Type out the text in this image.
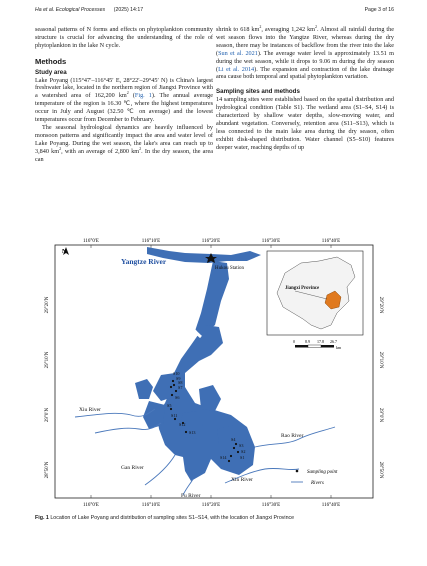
Ha et al. Ecological Processes (2025) 14:17	Page 3 of 16

seasonal patterns of N forms and effects on phytoplankton community structure is crucial for advancing the understanding of the role of phytoplankton in the lake N cycle.

Methods
Study area

Lake Poyang (115°47′–116°45′ E, 28°22′–29°45′ N) is China's largest freshwater lake, located in the northern region of Jiangxi Province with a watershed area of 162,200 $km^2$ (Fig. 1). The annual average temperature of the region is 16.30 ℃, where the highest temperatures occur in July and August (32.50 ℃ on average) and the lowest temperatures occur from December to February.

The seasonal hydrological dynamics are heavily influenced by monsoon patterns and significantly impact the area and water level of Lake Poyang. During the wet season, the lake's area can reach up to 3,840 $km^2$, with an average of 2,800 $km^2$. In the dry season, the area can

shrink to 618 $km^2$, averaging 1,242 $km^2$. Almost all rainfall during the wet season flows into the Yangtze River, whereas during the dry season, there may be instances of backflow from the river into the lake (Sun et al. 2021). The average water level is approximately 13.51 m during the wet season, while it drops to 9.06 m during the dry season (Li et al. 2014). The expansion and contraction of the lake drainage area cause both temporal and spatial phytoplankton variation.

Sampling sites and methods

14 sampling sites were established based on the spatial distribution and hydrological condition (Table S1). The wetland area (S1–S4, S14) is characterized by shallow water depths, slow-moving water, and abundant vegetation. Conversely, retention area (S11–S13), which is less connected to the main lake area during the dry season, often exhibit disk-shaped distribution. Water channel (S5–S10) features deeper water, reaching depths of up

116°0′E	116°10′E	116°20′E	116°30′E	116°40′E
116°0′E	116°10′E	116°20′E	116°30′E	116°40′E
29°20′N
29°10′N
29°0′N
28°50′N
29°20′N
29°10′N
29°0′N
28°50′N
N
Hukou Station
Yangtze River
Xiu River
Gan River
Fu River
Xin River
Rao River
S10
S9
S8
S7
S6
S5
S11
S12
S13
S4
S3
S2
S1
S14
Jiangxi Province
0	8.9 17.8 26.7
km
Sampling point
Rivers
Fig. 1 Location of Lake Poyang and distribution of sampling sites S1–S14, with the location of Jiangxi Province
